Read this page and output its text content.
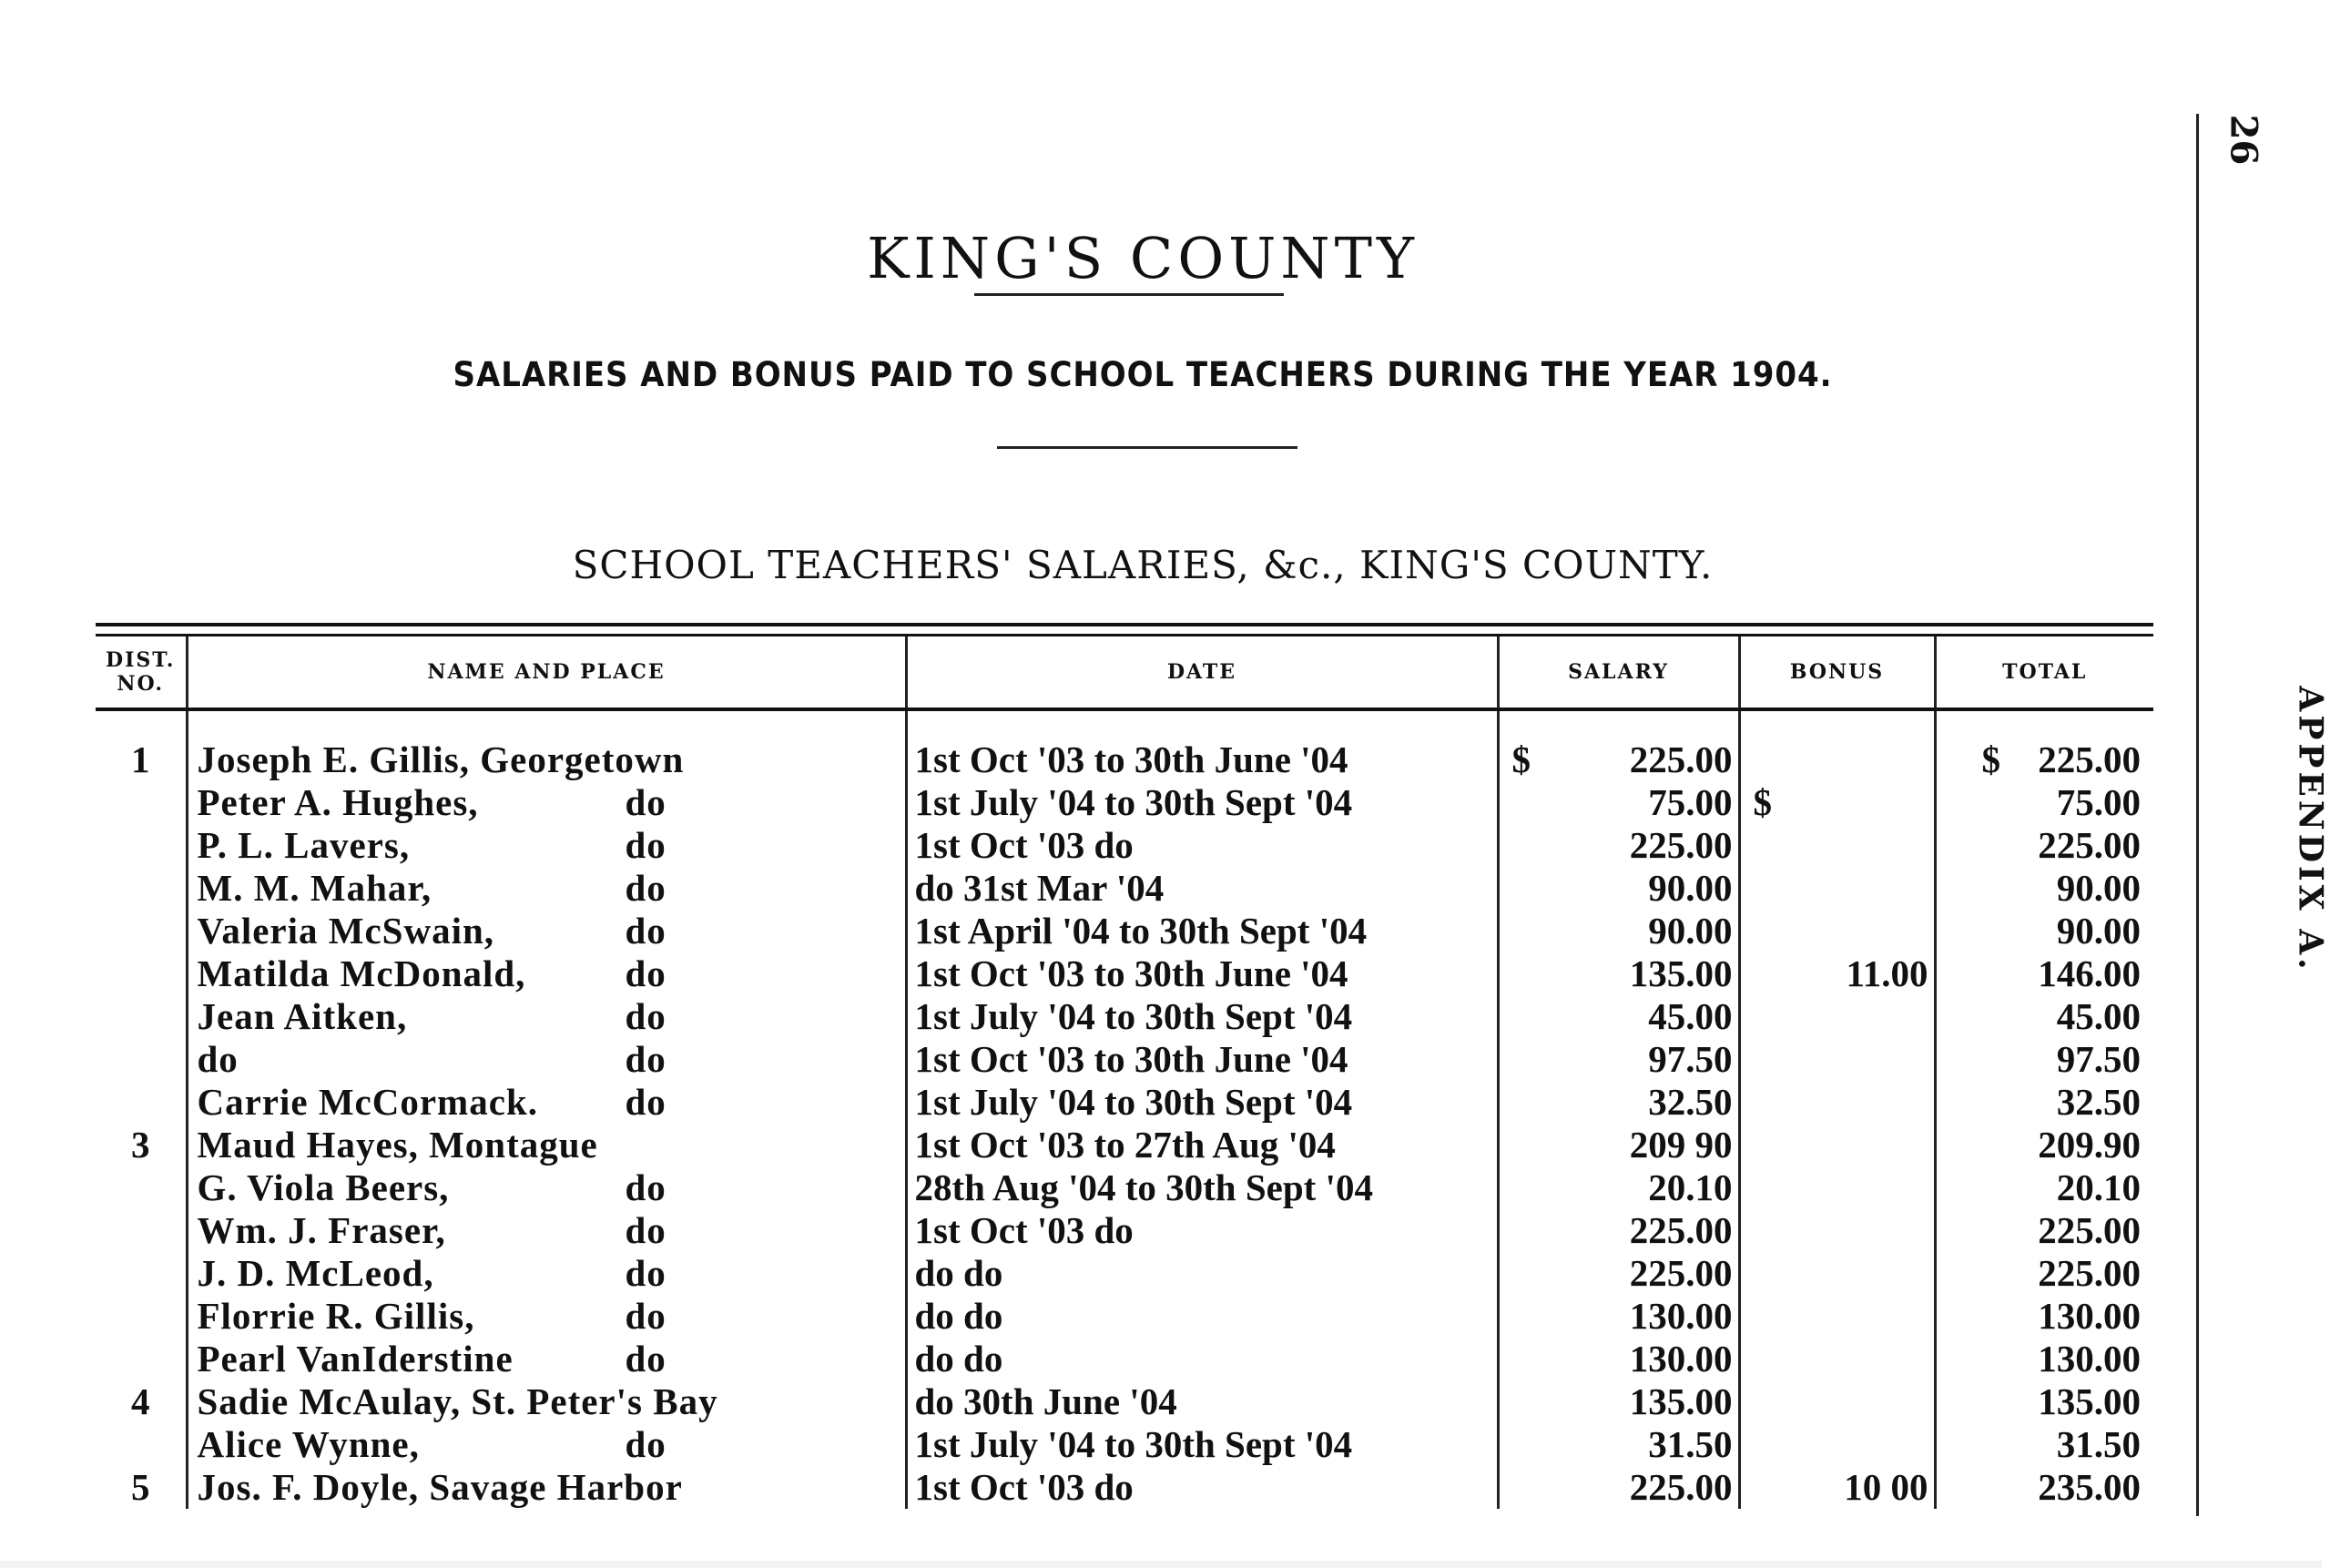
26
APPENDIX A.
KING'S COUNTY
SALARIES AND BONUS PAID TO SCHOOL TEACHERS DURING THE YEAR 1904.
SCHOOL TEACHERS' SALARIES, &c., KING'S COUNTY.
DIST. NO.	NAME AND PLACE	DATE	SALARY	BONUS	TOTAL
1	Joseph E. Gillis, Georgetown	1st Oct '03 to 30th June '04	$ 225.00	$	$ 225.00
	Peter A. Hughes, do	1st July '04 to 30th Sept '04	75.00		75.00
	P. L. Lavers, do	1st Oct '03 do	225.00		225.00
	M. M. Mahar, do	do 31st Mar '04	90.00		90.00
	Valeria McSwain, do	1st April '04 to 30th Sept '04	90.00		90.00
	Matilda McDonald, do	1st Oct '03 to 30th June '04	135.00	11.00	146.00
	Jean Aitken, do	1st July '04 to 30th Sept '04	45.00		45.00
	do do	1st Oct '03 to 30th June '04	97.50		97.50
	Carrie McCormack. do	1st July '04 to 30th Sept '04	32.50		32.50
3	Maud Hayes, Montague	1st Oct '03 to 27th Aug '04	209 90		209.90
	G. Viola Beers, do	28th Aug '04 to 30th Sept '04	20.10		20.10
	Wm. J. Fraser, do	1st Oct '03 do	225.00		225.00
	J. D. McLeod, do	do do	225.00		225.00
	Florrie R. Gillis, do	do do	130.00		130.00
	Pearl VanIderstine do	do do	130.00		130.00
4	Sadie McAulay, St. Peter's Bay	do 30th June '04	135.00		135.00
	Alice Wynne, do	1st July '04 to 30th Sept '04	31.50		31.50
5	Jos. F. Doyle, Savage Harbor	1st Oct '03 do	225.00	10 00	235.00
